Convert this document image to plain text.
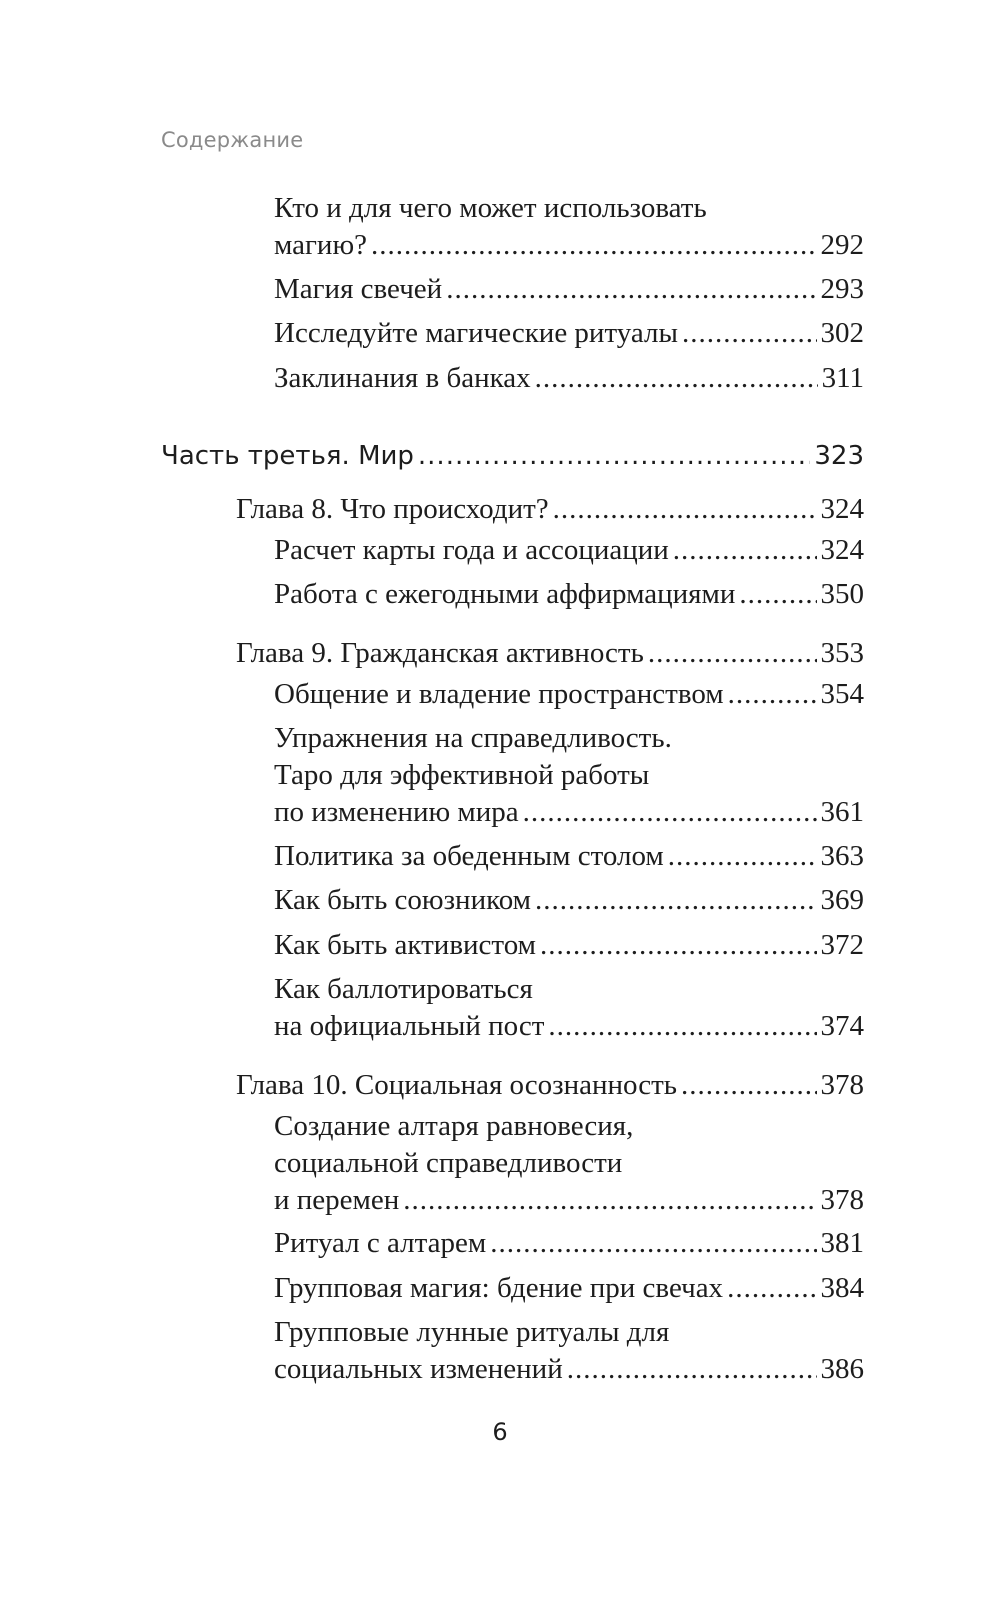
Содержание
Кто и для чего может использовать
магию? .....	292
Магия свечей .....	293
Исследуйте магические ритуалы .....	302
Заклинания в банках .....	311
Часть третья. Мир .....	323
Глава 8. Что происходит? .....	324
Расчет карты года и ассоциации .....	324
Работа с ежегодными аффирмациями .....	350
Глава 9. Гражданская активность .....	353
Общение и владение пространством .....	354
Упражнения на справедливость.
Таро для эффективной работы
по изменению мира .....	361
Политика за обеденным столом .....	363
Как быть союзником .....	369
Как быть активистом .....	372
Как баллотироваться
на официальный пост .....	374
Глава 10. Социальная осознанность .....	378
Создание алтаря равновесия,
социальной справедливости
и перемен .....	378
Ритуал с алтарем .....	381
Групповая магия: бдение при свечах .....	384
Групповые лунные ритуалы для
социальных изменений .....	386
6
